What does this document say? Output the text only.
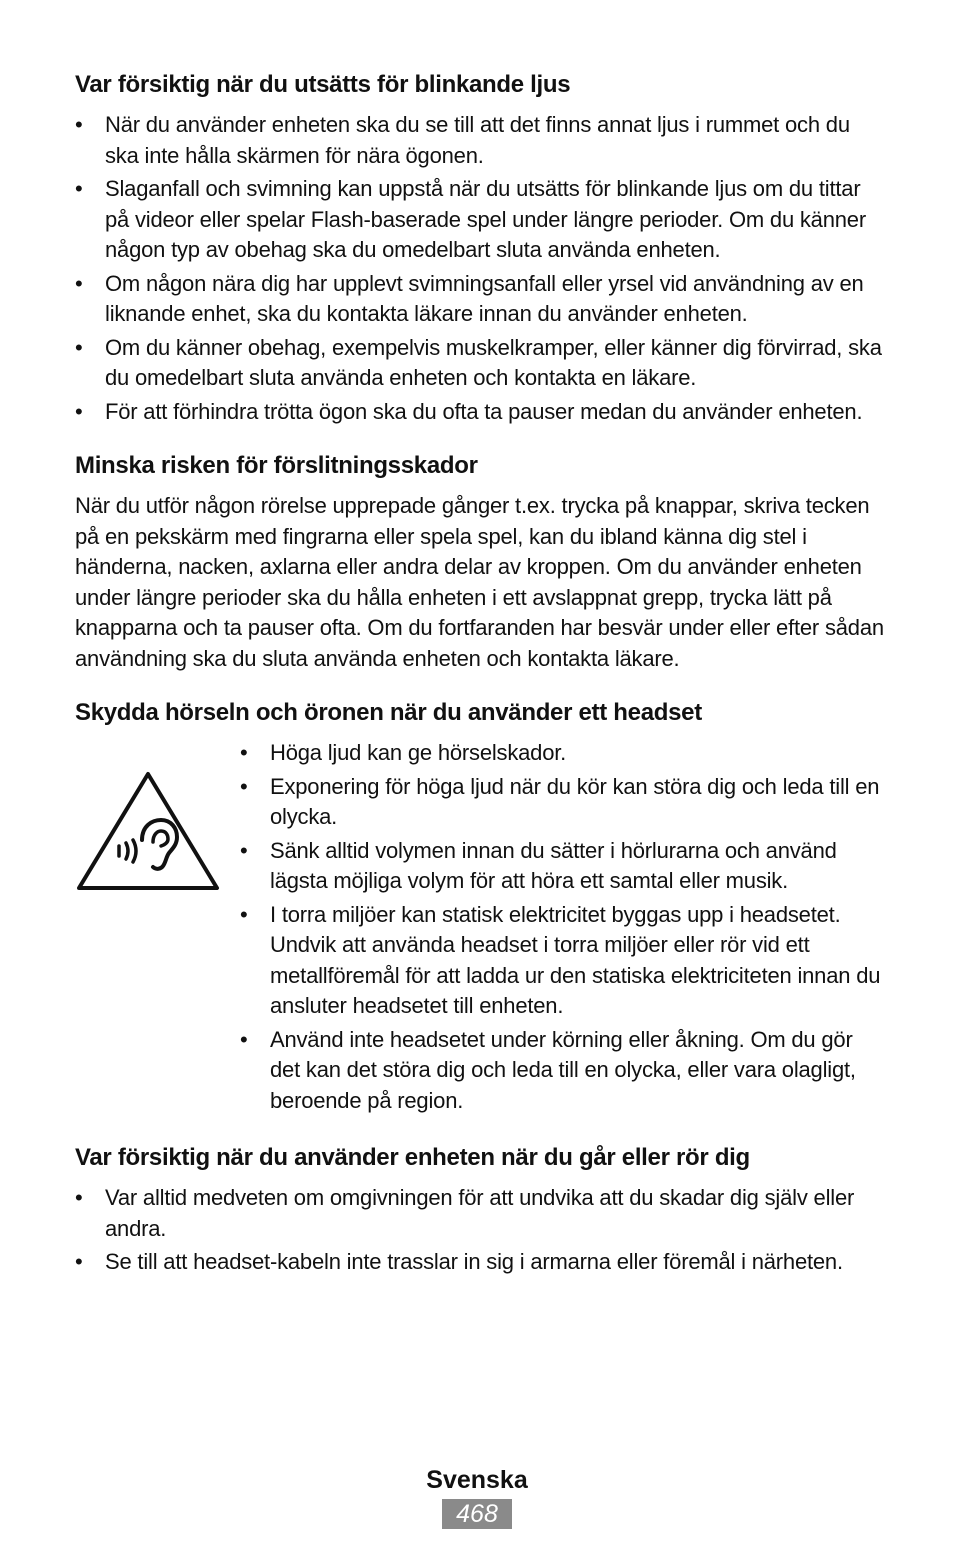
Var försiktig när du utsätts för blinkande ljus
• När du använder enheten ska du se till att det finns annat ljus i rummet och du ska inte hålla skärmen för nära ögonen.
• Slaganfall och svimning kan uppstå när du utsätts för blinkande ljus om du tittar på videor eller spelar Flash-baserade spel under längre perioder. Om du känner någon typ av obehag ska du omedelbart sluta använda enheten.
• Om någon nära dig har upplevt svimningsanfall eller yrsel vid användning av en liknande enhet, ska du kontakta läkare innan du använder enheten.
• Om du känner obehag, exempelvis muskelkramper, eller känner dig förvirrad, ska du omedelbart sluta använda enheten och kontakta en läkare.
• För att förhindra trötta ögon ska du ofta ta pauser medan du använder enheten.
Minska risken för förslitningsskador

När du utför någon rörelse upprepade gånger t.ex. trycka på knappar, skriva tecken på en pekskärm med fingrarna eller spela spel, kan du ibland känna dig stel i händerna, nacken, axlarna eller andra delar av kroppen. Om du använder enheten under längre perioder ska du hålla enheten i ett avslappnat grepp, trycka lätt på knapparna och ta pauser ofta. Om du fortfaranden har besvär under eller efter sådan användning ska du sluta använda enheten och kontakta läkare.

Skydda hörseln och öronen när du använder ett headset
• Höga ljud kan ge hörselskador.
• Exponering för höga ljud när du kör kan störa dig och leda till en olycka.
• Sänk alltid volymen innan du sätter i hörlurarna och använd lägsta möjliga volym för att höra ett samtal eller musik.
• I torra miljöer kan statisk elektricitet byggas upp i headsetet. Undvik att använda headset i torra miljöer eller rör vid ett metallföremål för att ladda ur den statiska elektriciteten innan du ansluter headsetet till enheten.
• Använd inte headsetet under körning eller åkning. Om du gör det kan det störa dig och leda till en olycka, eller vara olagligt, beroende på region.
Var försiktig när du använder enheten när du går eller rör dig
• Var alltid medveten om omgivningen för att undvika att du skadar dig själv eller andra.
• Se till att headset-kabeln inte trasslar in sig i armarna eller föremål i närheten.
Svenska
468
